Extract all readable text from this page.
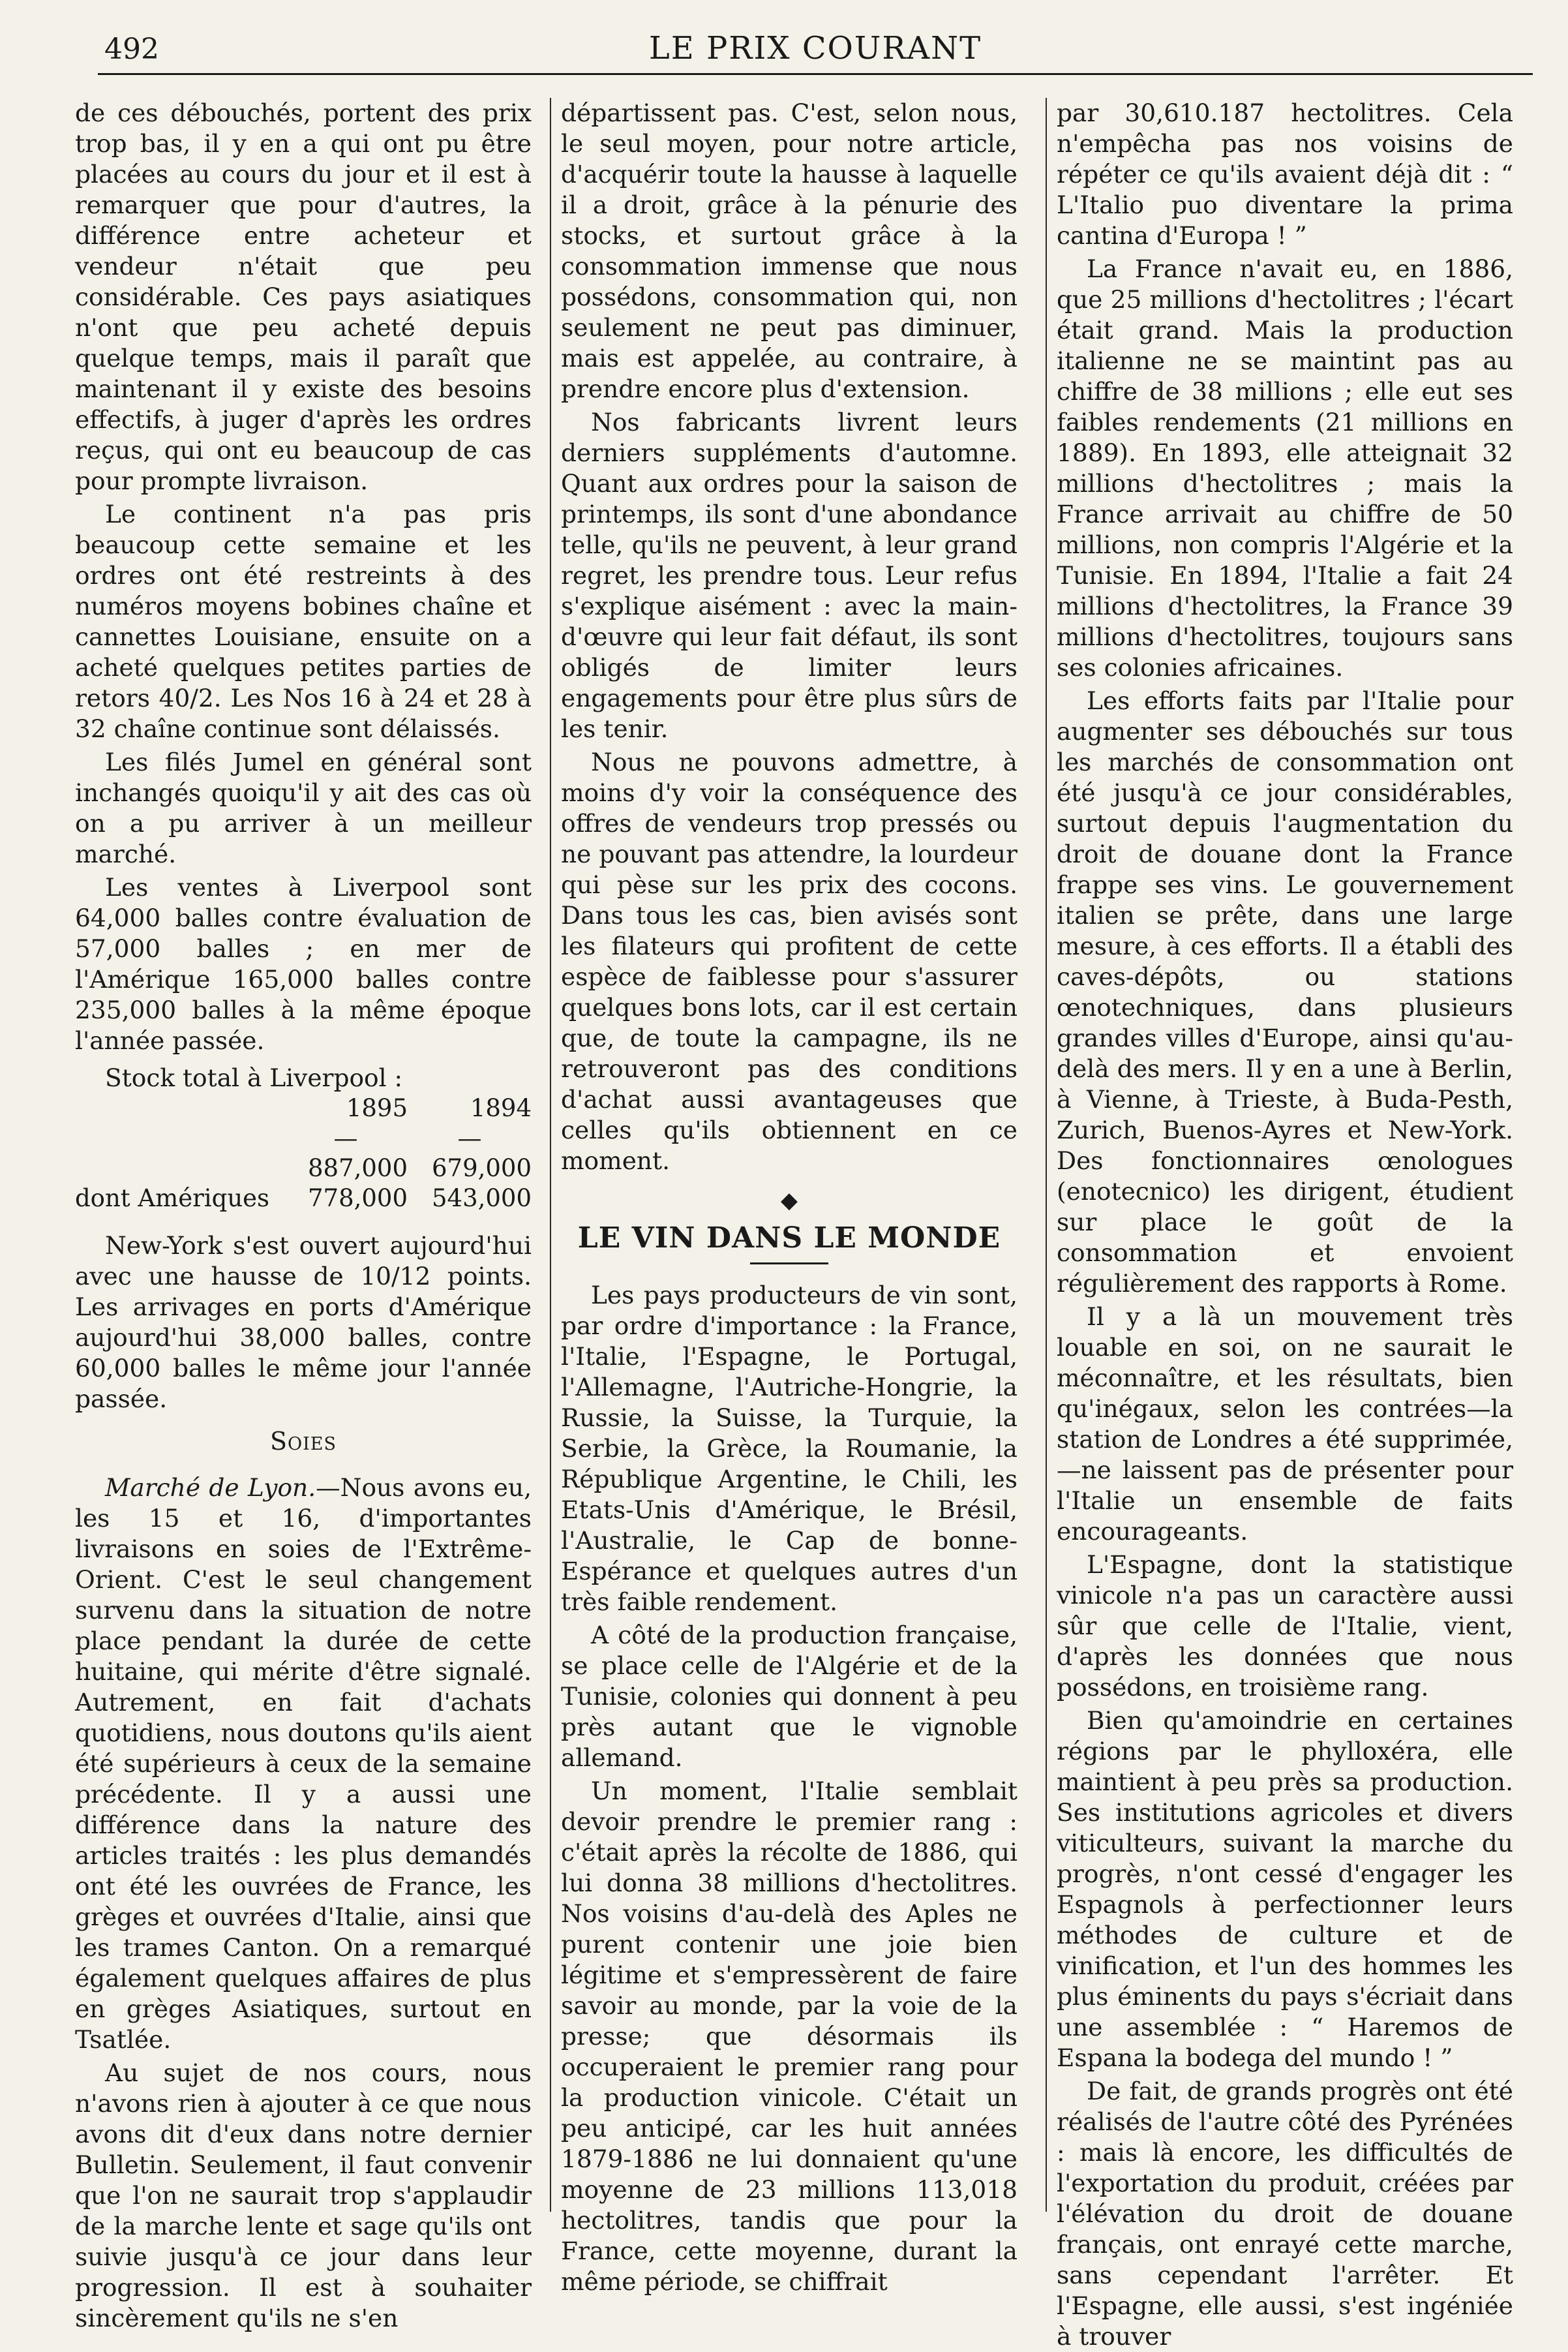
492	LE PRIX COURANT

de ces débouchés, portent des prix trop bas, il y en a qui ont pu être placées au cours du jour et il est à remarquer que pour d'autres, la différence entre acheteur et vendeur n'était que peu considérable. Ces pays asiatiques n'ont que peu acheté depuis quelque temps, mais il paraît que maintenant il y existe des besoins effectifs, à juger d'après les ordres reçus, qui ont eu beaucoup de cas pour prompte livraison.

Le continent n'a pas pris beaucoup cette semaine et les ordres ont été restreints à des numéros moyens bobines chaîne et cannettes Louisiane, ensuite on a acheté quelques petites parties de retors 40/2. Les Nos 16 à 24 et 28 à 32 chaîne continue sont délaissés.

Les filés Jumel en général sont inchangés quoiqu'il y ait des cas où on a pu arriver à un meilleur marché.

Les ventes à Liverpool sont 64,000 balles contre évaluation de 57,000 balles ; en mer de l'Amérique 165,000 balles contre 235,000 balles à la même époque l'année passée.

Stock total à Liverpool :
	1895	1894
	—	—
	887,000	679,000
dont Amériques	778,000	543,000

New-York s'est ouvert aujourd'hui avec une hausse de 10/12 points. Les arrivages en ports d'Amérique aujourd'hui 38,000 balles, contre 60,000 balles le même jour l'année passée.

Soies

Marché de Lyon.—Nous avons eu, les 15 et 16, d'importantes livraisons en soies de l'Extrême-Orient. C'est le seul changement survenu dans la situation de notre place pendant la durée de cette huitaine, qui mérite d'être signalé. Autrement, en fait d'achats quotidiens, nous doutons qu'ils aient été supérieurs à ceux de la semaine précédente. Il y a aussi une différence dans la nature des articles traités : les plus demandés ont été les ouvrées de France, les grèges et ouvrées d'Italie, ainsi que les trames Canton. On a remarqué également quelques affaires de plus en grèges Asiatiques, surtout en Tsatlée.

Au sujet de nos cours, nous n'avons rien à ajouter à ce que nous avons dit d'eux dans notre dernier Bulletin. Seulement, il faut convenir que l'on ne saurait trop s'applaudir de la marche lente et sage qu'ils ont suivie jusqu'à ce jour dans leur progression. Il est à souhaiter sincèrement qu'ils ne s'en

départissent pas. C'est, selon nous, le seul moyen, pour notre article, d'acquérir toute la hausse à laquelle il a droit, grâce à la pénurie des stocks, et surtout grâce à la consommation immense que nous possédons, consommation qui, non seulement ne peut pas diminuer, mais est appelée, au contraire, à prendre encore plus d'extension.

Nos fabricants livrent leurs derniers suppléments d'automne. Quant aux ordres pour la saison de printemps, ils sont d'une abondance telle, qu'ils ne peuvent, à leur grand regret, les prendre tous. Leur refus s'explique aisément : avec la main-d'œuvre qui leur fait défaut, ils sont obligés de limiter leurs engagements pour être plus sûrs de les tenir.

Nous ne pouvons admettre, à moins d'y voir la conséquence des offres de vendeurs trop pressés ou ne pouvant pas attendre, la lourdeur qui pèse sur les prix des cocons. Dans tous les cas, bien avisés sont les filateurs qui profitent de cette espèce de faiblesse pour s'assurer quelques bons lots, car il est certain que, de toute la campagne, ils ne retrouveront pas des conditions d'achat aussi avantageuses que celles qu'ils obtiennent en ce moment.

◆
LE VIN DANS LE MONDE

Les pays producteurs de vin sont, par ordre d'importance : la France, l'Italie, l'Espagne, le Portugal, l'Allemagne, l'Autriche-Hongrie, la Russie, la Suisse, la Turquie, la Serbie, la Grèce, la Roumanie, la République Argentine, le Chili, les Etats-Unis d'Amérique, le Brésil, l'Australie, le Cap de bonne-Espérance et quelques autres d'un très faible rendement.

A côté de la production française, se place celle de l'Algérie et de la Tunisie, colonies qui donnent à peu près autant que le vignoble allemand.

Un moment, l'Italie semblait devoir prendre le premier rang : c'était après la récolte de 1886, qui lui donna 38 millions d'hectolitres. Nos voisins d'au-delà des Aples ne purent contenir une joie bien légitime et s'empressèrent de faire savoir au monde, par la voie de la presse; que désormais ils occuperaient le premier rang pour la production vinicole. C'était un peu anticipé, car les huit années 1879-1886 ne lui donnaient qu'une moyenne de 23 millions 113,018 hectolitres, tandis que pour la France, cette moyenne, durant la même période, se chiffrait

par 30,610.187 hectolitres. Cela n'empêcha pas nos voisins de répéter ce qu'ils avaient déjà dit : “ L'Italio puo diventare la prima cantina d'Europa ! ”

La France n'avait eu, en 1886, que 25 millions d'hectolitres ; l'écart était grand. Mais la production italienne ne se maintint pas au chiffre de 38 millions ; elle eut ses faibles rendements (21 millions en 1889). En 1893, elle atteignait 32 millions d'hectolitres ; mais la France arrivait au chiffre de 50 millions, non compris l'Algérie et la Tunisie. En 1894, l'Italie a fait 24 millions d'hectolitres, la France 39 millions d'hectolitres, toujours sans ses colonies africaines.

Les efforts faits par l'Italie pour augmenter ses débouchés sur tous les marchés de consommation ont été jusqu'à ce jour considérables, surtout depuis l'augmentation du droit de douane dont la France frappe ses vins. Le gouvernement italien se prête, dans une large mesure, à ces efforts. Il a établi des caves-dépôts, ou stations œnotechniques, dans plusieurs grandes villes d'Europe, ainsi qu'au-delà des mers. Il y en a une à Berlin, à Vienne, à Trieste, à Buda-Pesth, Zurich, Buenos-Ayres et New-York. Des fonctionnaires œnologues (enotecnico) les dirigent, étudient sur place le goût de la consommation et envoient régulièrement des rapports à Rome.

Il y a là un mouvement très louable en soi, on ne saurait le méconnaître, et les résultats, bien qu'inégaux, selon les contrées—la station de Londres a été supprimée,—ne laissent pas de présenter pour l'Italie un ensemble de faits encourageants.

L'Espagne, dont la statistique vinicole n'a pas un caractère aussi sûr que celle de l'Italie, vient, d'après les données que nous possédons, en troisième rang.

Bien qu'amoindrie en certaines régions par le phylloxéra, elle maintient à peu près sa production. Ses institutions agricoles et divers viticulteurs, suivant la marche du progrès, n'ont cessé d'engager les Espagnols à perfectionner leurs méthodes de culture et de vinification, et l'un des hommes les plus éminents du pays s'écriait dans une assemblée : “ Haremos de Espana la bodega del mundo ! ”

De fait, de grands progrès ont été réalisés de l'autre côté des Pyrénées : mais là encore, les difficultés de l'exportation du produit, créées par l'élévation du droit de douane français, ont enrayé cette marche, sans cependant l'arrêter. Et l'Espagne, elle aussi, s'est ingéniée à trouver
